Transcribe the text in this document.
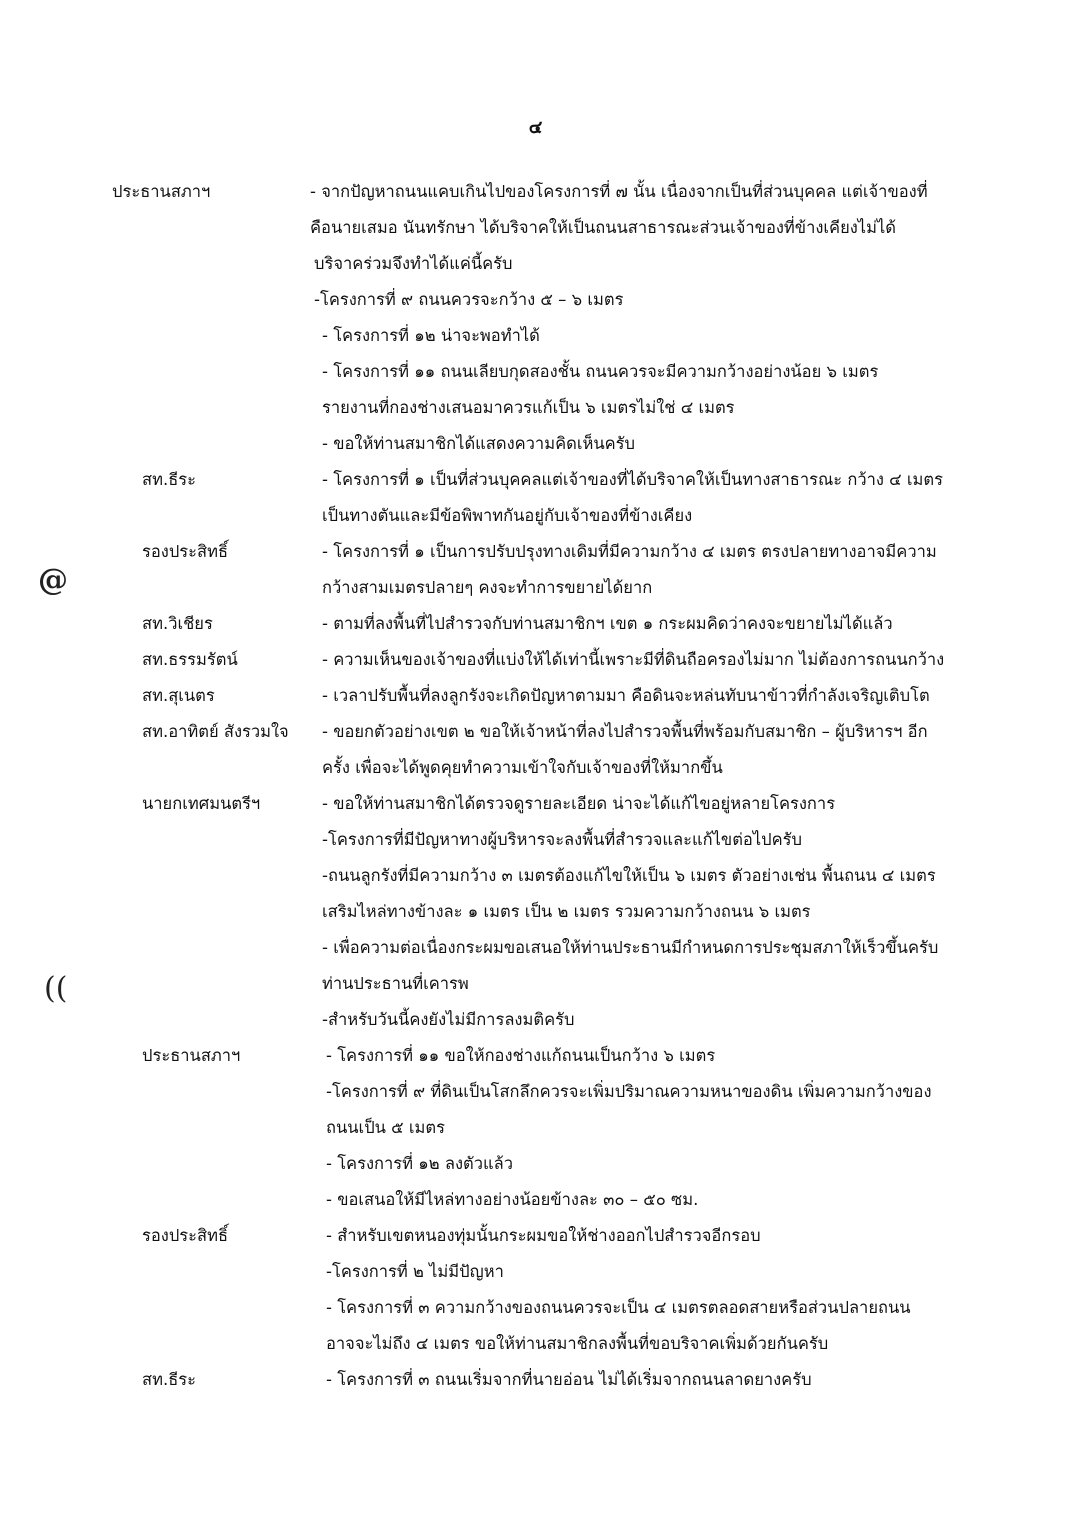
๔
@
((
ประธานสภาฯ	- จากปัญหาถนนแคบเกินไปของโครงการที่ ๗ นั้น เนื่องจากเป็นที่ส่วนบุคคล แต่เจ้าของที่
คือนายเสมอ นันทรักษา ได้บริจาคให้เป็นถนนสาธารณะส่วนเจ้าของที่ข้างเคียงไม่ได้
บริจาคร่วมจึงทำได้แค่นี้ครับ
-โครงการที่ ๙ ถนนควรจะกว้าง ๕ – ๖ เมตร
- โครงการที่ ๑๒ น่าจะพอทำได้
- โครงการที่ ๑๑ ถนนเลียบกุดสองชั้น ถนนควรจะมีความกว้างอย่างน้อย ๖ เมตร
รายงานที่กองช่างเสนอมาควรแก้เป็น ๖ เมตรไม่ใช่ ๔ เมตร
- ขอให้ท่านสมาชิกได้แสดงความคิดเห็นครับ
สท.ธีระ	- โครงการที่ ๑ เป็นที่ส่วนบุคคลแต่เจ้าของที่ได้บริจาคให้เป็นทางสาธารณะ กว้าง ๔ เมตร
เป็นทางตันและมีข้อพิพาทกันอยู่กับเจ้าของที่ข้างเคียง
รองประสิทธิ์	- โครงการที่ ๑ เป็นการปรับปรุงทางเดิมที่มีความกว้าง ๔ เมตร ตรงปลายทางอาจมีความ
กว้างสามเมตรปลายๆ คงจะทำการขยายได้ยาก
สท.วิเชียร	- ตามที่ลงพื้นที่ไปสำรวจกับท่านสมาชิกฯ เขต ๑ กระผมคิดว่าคงจะขยายไม่ได้แล้ว
สท.ธรรมรัตน์	- ความเห็นของเจ้าของที่แบ่งให้ได้เท่านี้เพราะมีที่ดินถือครองไม่มาก ไม่ต้องการถนนกว้าง
สท.สุเนตร	- เวลาปรับพื้นที่ลงลูกรังจะเกิดปัญหาตามมา คือดินจะหล่นทับนาข้าวที่กำลังเจริญเติบโต
สท.อาทิตย์ สังรวมใจ	- ขอยกตัวอย่างเขต ๒ ขอให้เจ้าหน้าที่ลงไปสำรวจพื้นที่พร้อมกับสมาชิก – ผู้บริหารฯ อีก
ครั้ง เพื่อจะได้พูดคุยทำความเข้าใจกับเจ้าของที่ให้มากขึ้น
นายกเทศมนตรีฯ	- ขอให้ท่านสมาชิกได้ตรวจดูรายละเอียด น่าจะได้แก้ไขอยู่หลายโครงการ
-โครงการที่มีปัญหาทางผู้บริหารจะลงพื้นที่สำรวจและแก้ไขต่อไปครับ
-ถนนลูกรังที่มีความกว้าง ๓ เมตรต้องแก้ไขให้เป็น ๖ เมตร ตัวอย่างเช่น พื้นถนน ๔ เมตร
เสริมไหล่ทางข้างละ ๑ เมตร เป็น ๒ เมตร รวมความกว้างถนน ๖ เมตร
- เพื่อความต่อเนื่องกระผมขอเสนอให้ท่านประธานมีกำหนดการประชุมสภาให้เร็วขึ้นครับ
ท่านประธานที่เคารพ
-สำหรับวันนี้คงยังไม่มีการลงมติครับ
ประธานสภาฯ	- โครงการที่ ๑๑ ขอให้กองช่างแก้ถนนเป็นกว้าง ๖ เมตร
-โครงการที่ ๙ ที่ดินเป็นโสกลึกควรจะเพิ่มปริมาณความหนาของดิน เพิ่มความกว้างของ
ถนนเป็น ๕ เมตร
- โครงการที่ ๑๒ ลงตัวแล้ว
- ขอเสนอให้มีไหล่ทางอย่างน้อยข้างละ ๓๐ – ๕๐ ซม.
รองประสิทธิ์	- สำหรับเขตหนองทุ่มนั้นกระผมขอให้ช่างออกไปสำรวจอีกรอบ
-โครงการที่ ๒ ไม่มีปัญหา
- โครงการที่ ๓ ความกว้างของถนนควรจะเป็น ๔ เมตรตลอดสายหรือส่วนปลายถนน
อาจจะไม่ถึง ๔ เมตร ขอให้ท่านสมาชิกลงพื้นที่ขอบริจาคเพิ่มด้วยกันครับ
สท.ธีระ	- โครงการที่ ๓ ถนนเริ่มจากที่นายอ่อน ไม่ได้เริ่มจากถนนลาดยางครับ
